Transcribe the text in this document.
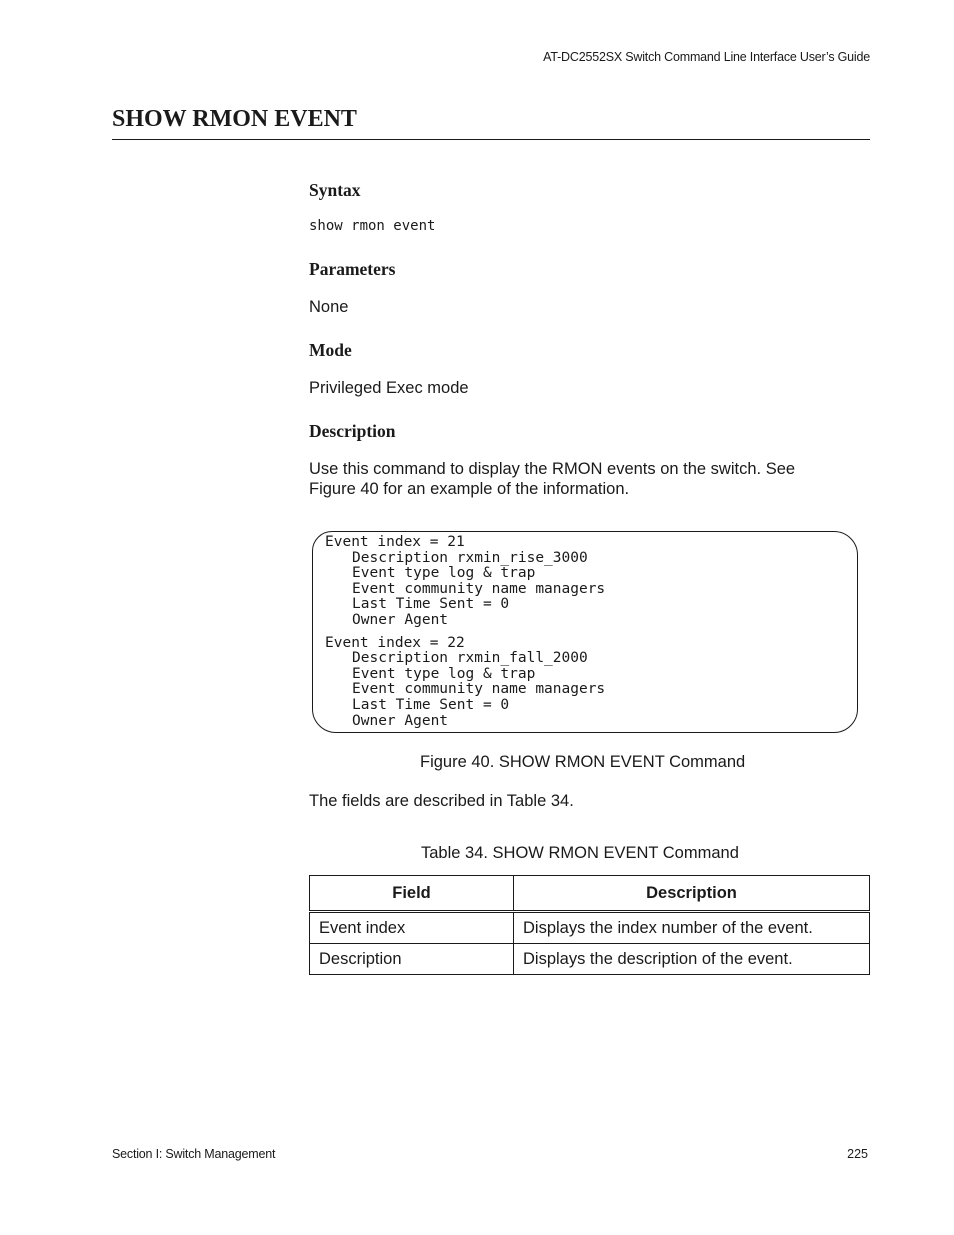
AT-DC2552SX Switch Command Line Interface User’s Guide
SHOW RMON EVENT
Syntax
show rmon event
Parameters

None

Mode

Privileged Exec mode

Description

Use this command to display the RMON events on the switch. See Figure 40 for an example of the information.

Event index = 21
Description rxmin_rise_3000
Event type log & trap
Event community name managers
Last Time Sent = 0
Owner Agent
Event index = 22
Description rxmin_fall_2000
Event type log & trap
Event community name managers
Last Time Sent = 0
Owner Agent

Figure 40. SHOW RMON EVENT Command

The fields are described in Table 34.

Table 34. SHOW RMON EVENT Command

Field	Description
Event index	Displays the index number of the event.
Description	Displays the description of the event.
Section I: Switch Management	225
